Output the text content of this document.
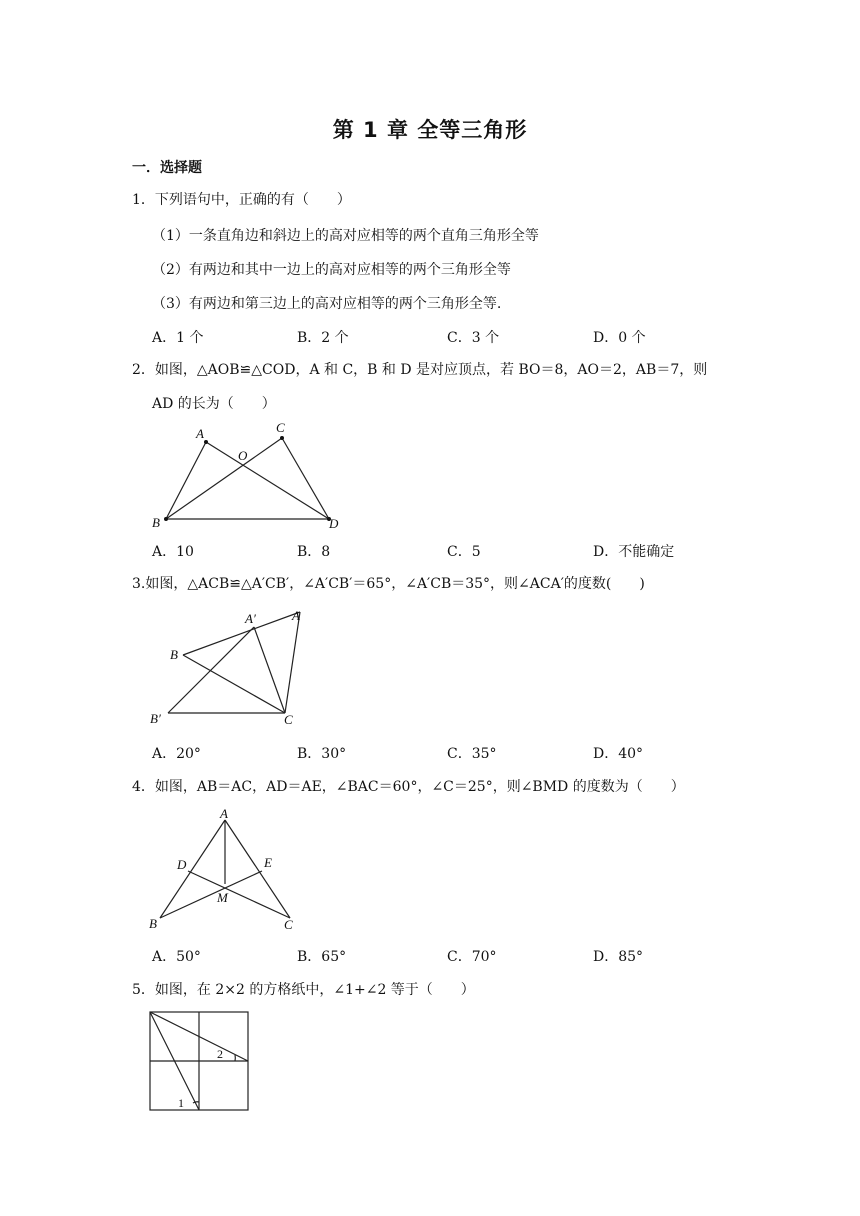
第 1 章 全等三角形
一．选择题
1．下列语句中，正确的有（　　）
（1）一条直角边和斜边上的高对应相等的两个直角三角形全等
（2）有两边和其中一边上的高对应相等的两个三角形全等
（3）有两边和第三边上的高对应相等的两个三角形全等.
A．1 个	B．2 个	C．3 个	D．0 个
2．如图，△AOB≌△COD，A 和 C，B 和 D 是对应顶点，若 BO＝8，AO＝2，AB＝7，则
AD 的长为（　　）
A	C
O
B	D
A．10	B．8	C．5	D．不能确定
3.如图，△ACB≌△A′CB′，∠A′CB′＝65°，∠A′CB＝35°，则∠ACA′的度数(　　)
A′	A
B
B′	C
A．20°	B．30°	C．35°	D．40°
4．如图，AB＝AC，AD＝AE，∠BAC＝60°，∠C＝25°，则∠BMD 的度数为（　　）
A
D	E
M
B	C
A．50°	B．65°	C．70°	D．85°
5．如图，在 2×2 的方格纸中，∠1+∠2 等于（　　）
2
1
